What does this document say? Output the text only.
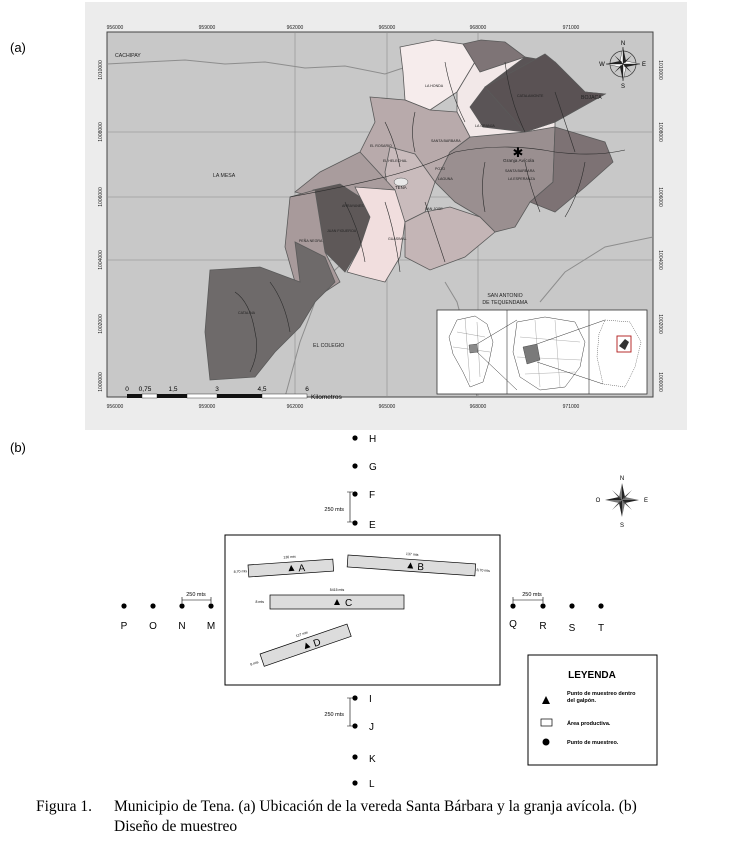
(a)
✱
LA HONDA
EL ROSARIO
SANTA BARBARA
CATALAMONTE
LAGUNA
EL HELECHAL
ARRAYANES
SAN JOSE
JUAN FIGUEROA
GUASIMAL
PEÑA NEGRA
CATALINA
LA GRANJA
SANTA BARBARA
POZO
LA ESPERANZA
CACHIPAY
BOJACA
LA MESA
EL COLEGIO
SAN ANTONIO
DE TEQUENDAMA
TENA
Granja Avícola
956000	959000	962000	965000	968000	971000
956000	959000	962000	965000	968000	971000
1010000
1008000
1006000
1004000
1002000
1000000
1010000
1008000
1006000
1004000
1002000
1000000
N
S
E
W
0 0,75	1,5	3	4,5	6
Kilometros
(b)
H
G
F
E
250 mts
A
136 mts
8,70 mts	B
137 mts
8,70 mts
C
5415 mts
8 mts
D
127 mts
8 mts
P O N M
250 mts
Q R S T
250 mts
I
J
K
L
250 mts
N
S
E
O
LEYENDA
Punto de muestreo dentro del galpón.
Área productiva.
Punto de muestreo.
Figura 1. Municipio de Tena. (a) Ubicación de la vereda Santa Bárbara y la granja avícola. (b)
Diseño de muestreo
